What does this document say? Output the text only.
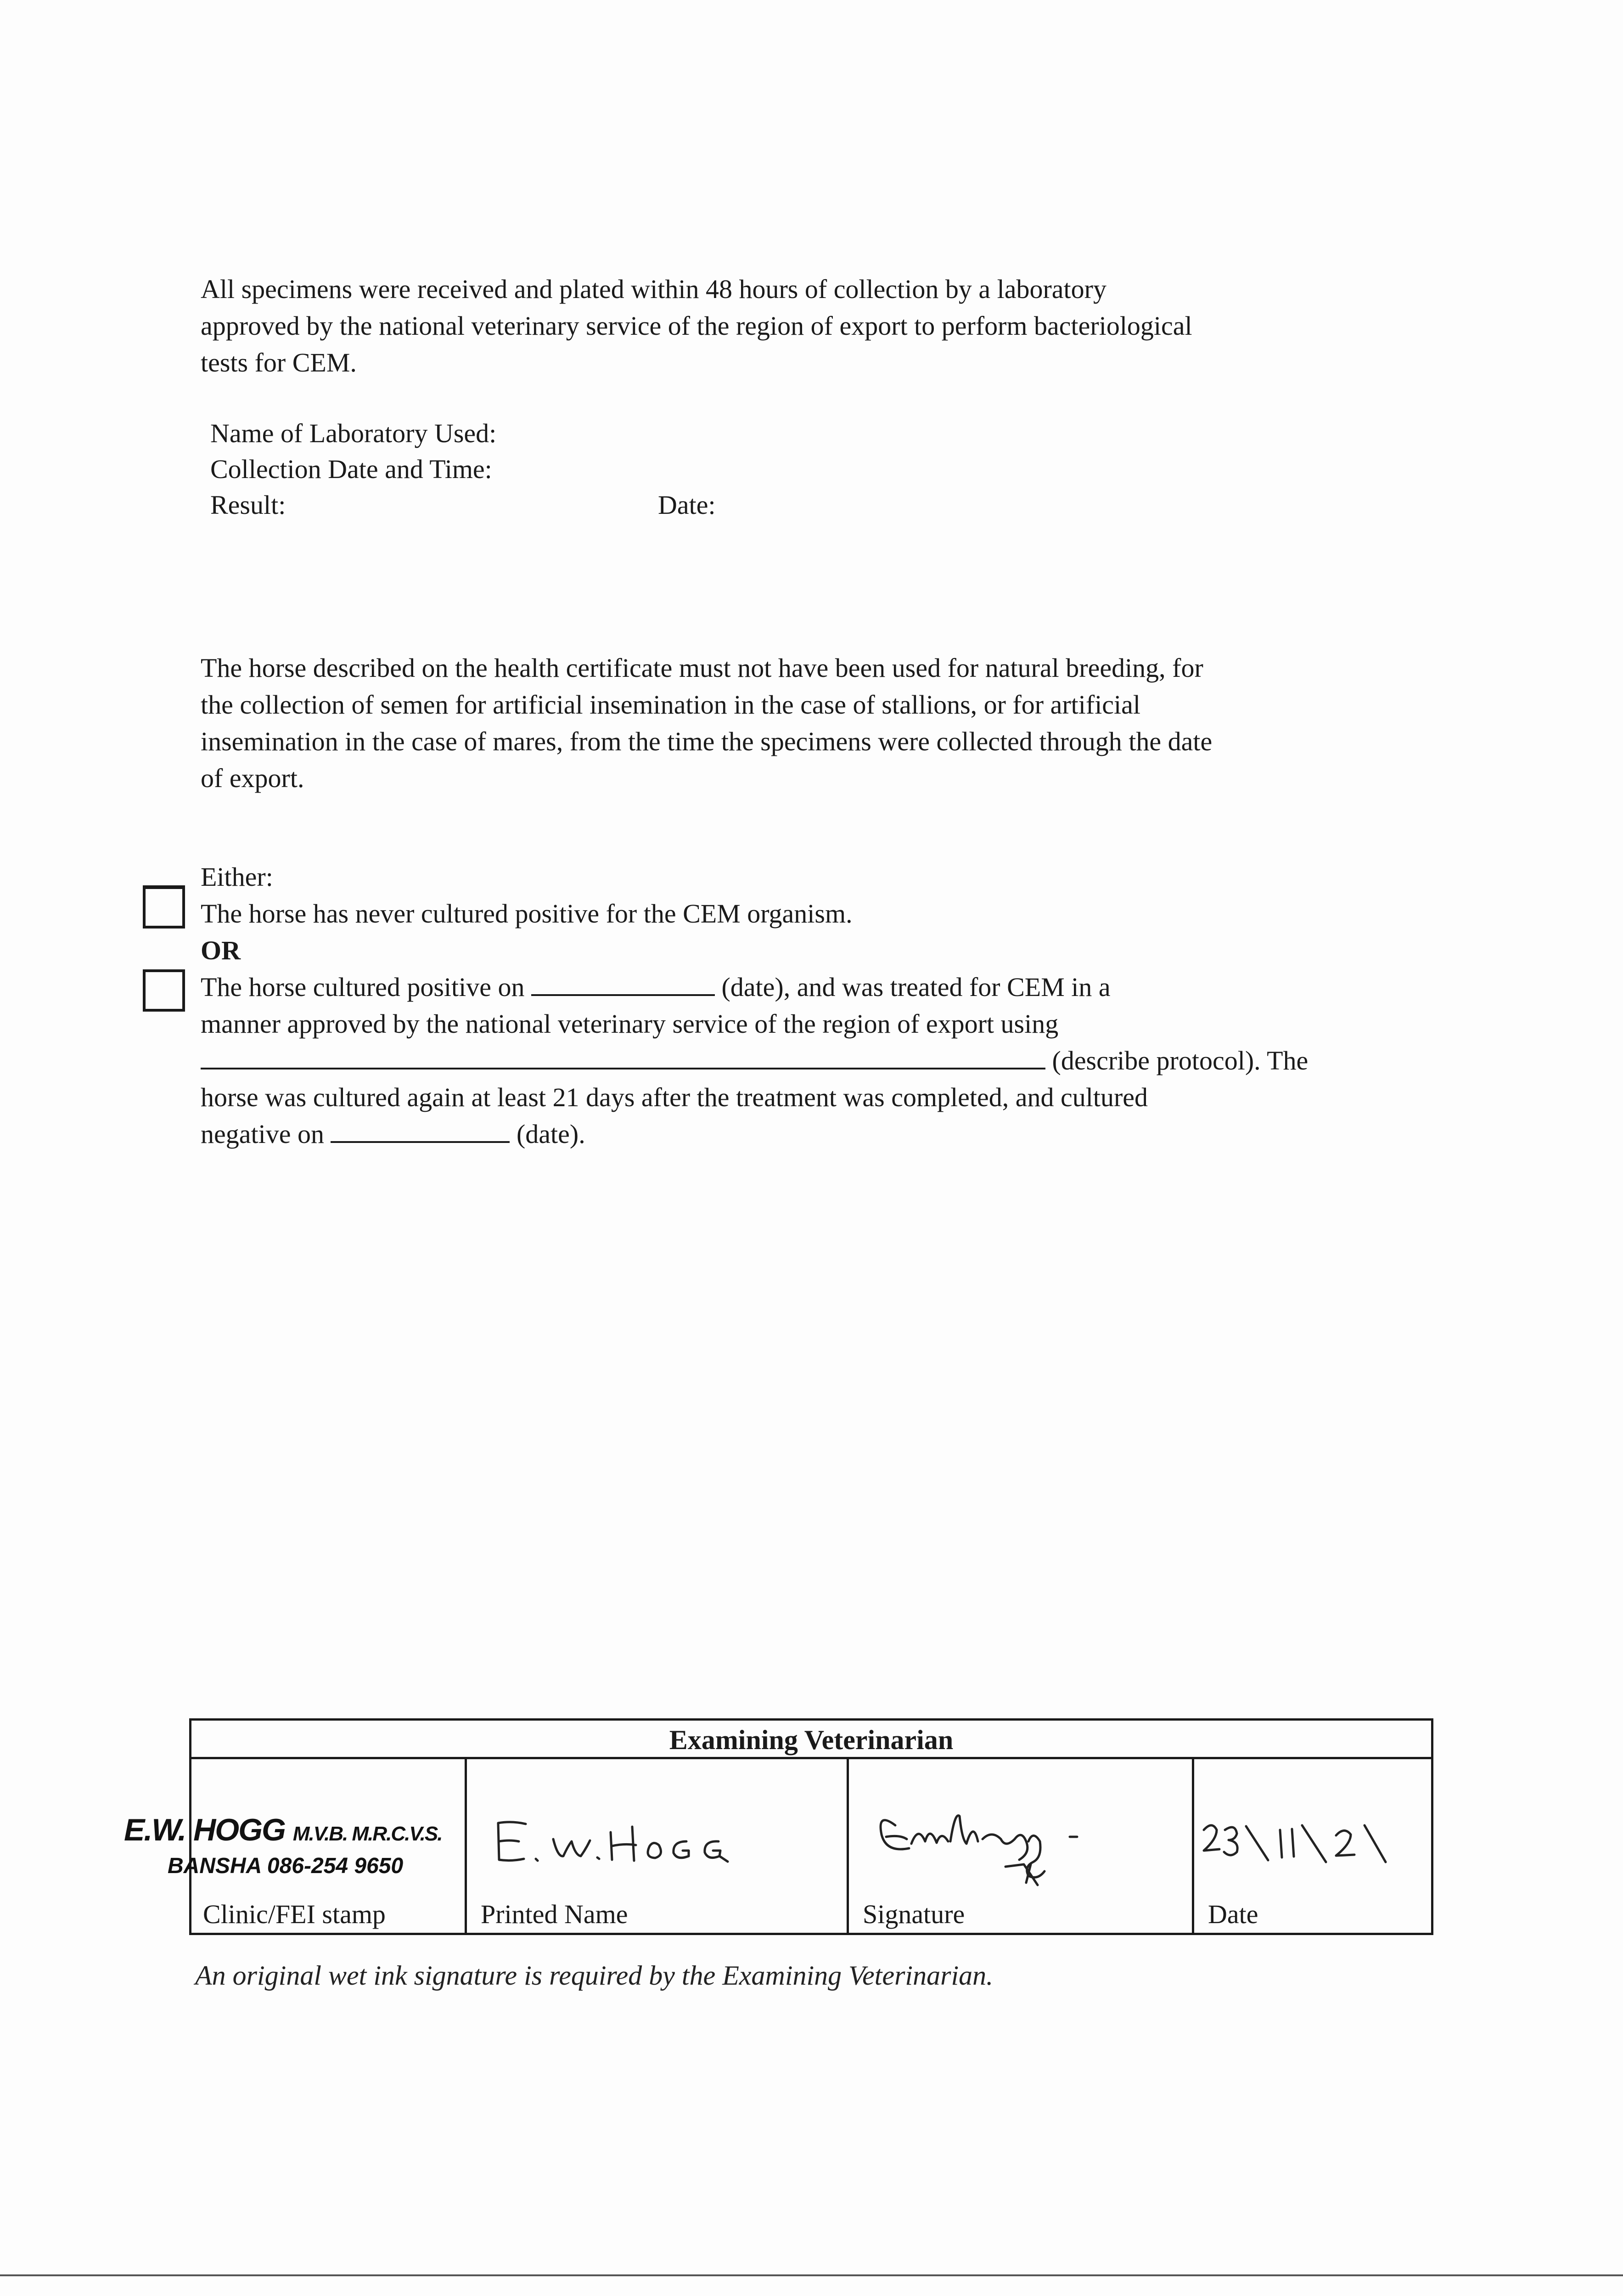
All specimens were received and plated within 48 hours of collection by a laboratory
approved by the national veterinary service of the region of export to perform bacteriological
tests for CEM.
Name of Laboratory Used:
Collection Date and Time:
Result:	Date:
The horse described on the health certificate must not have been used for natural breeding, for
the collection of semen for artificial insemination in the case of stallions, or for artificial
insemination in the case of mares, from the time the specimens were collected through the date
of export.
Either:
The horse has never cultured positive for the CEM organism.
OR
The horse cultured positive on	(date), and was treated for CEM in a
manner approved by the national veterinary service of the region of export using
(describe protocol). The
horse was cultured again at least 21 days after the treatment was completed, and cultured
negative on	(date).
Examining Veterinarian
Clinic/FEI stamp	Printed Name	Signature	Date
E.W. HOGG M.V.B. M.R.C.V.S.
BANSHA 086-254 9650
An original wet ink signature is required by the Examining Veterinarian.
